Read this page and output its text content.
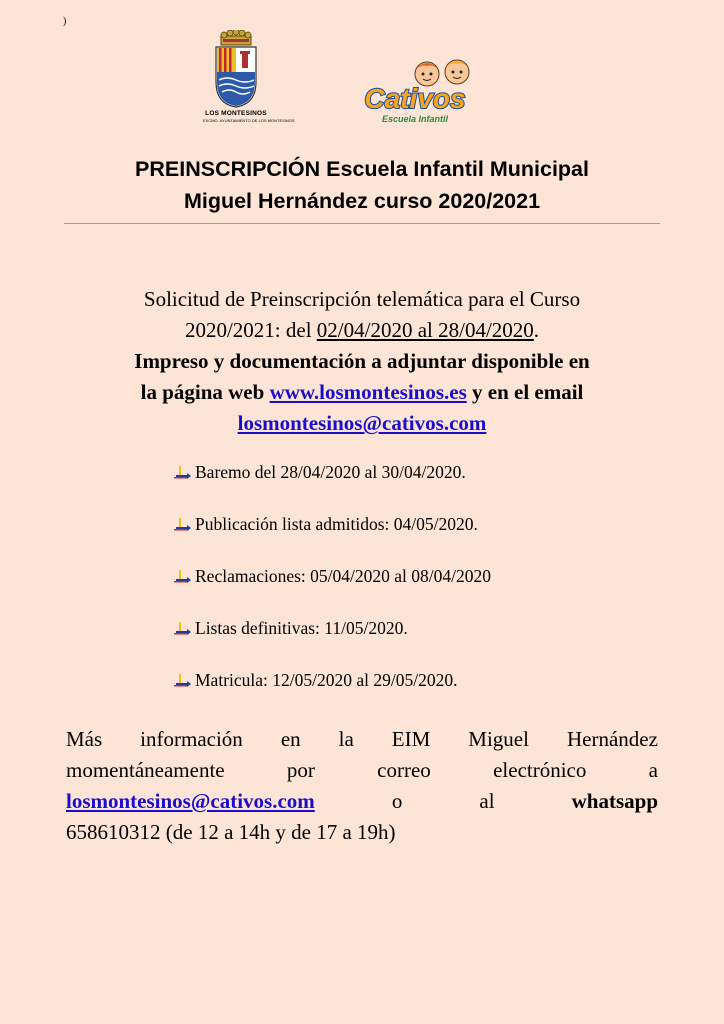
)
LOS MONTESINOS
EXCMO. AYUNTAMIENTO DE LOS MONTESINOS
Cativos
Escuela Infantil
PREINSCRIPCIÓN Escuela Infantil Municipal
Miguel Hernández curso 2020/2021
Solicitud de Preinscripción telemática para el Curso
2020/2021: del 02/04/2020 al 28/04/2020.
Impreso y documentación a adjuntar disponible en
la página web www.losmontesinos.es y en el email
losmontesinos@cativos.com
Baremo del 28/04/2020 al 30/04/2020.
Publicación lista admitidos: 04/05/2020.
Reclamaciones: 05/04/2020 al 08/04/2020
Listas definitivas: 11/05/2020.
Matricula: 12/05/2020 al 29/05/2020.
Más información en la EIM Miguel Hernández
momentáneamente	por	correo	electrónico	a
losmontesinos@cativos.com	o	al	whatsapp
658610312 (de 12 a 14h y de 17 a 19h)
